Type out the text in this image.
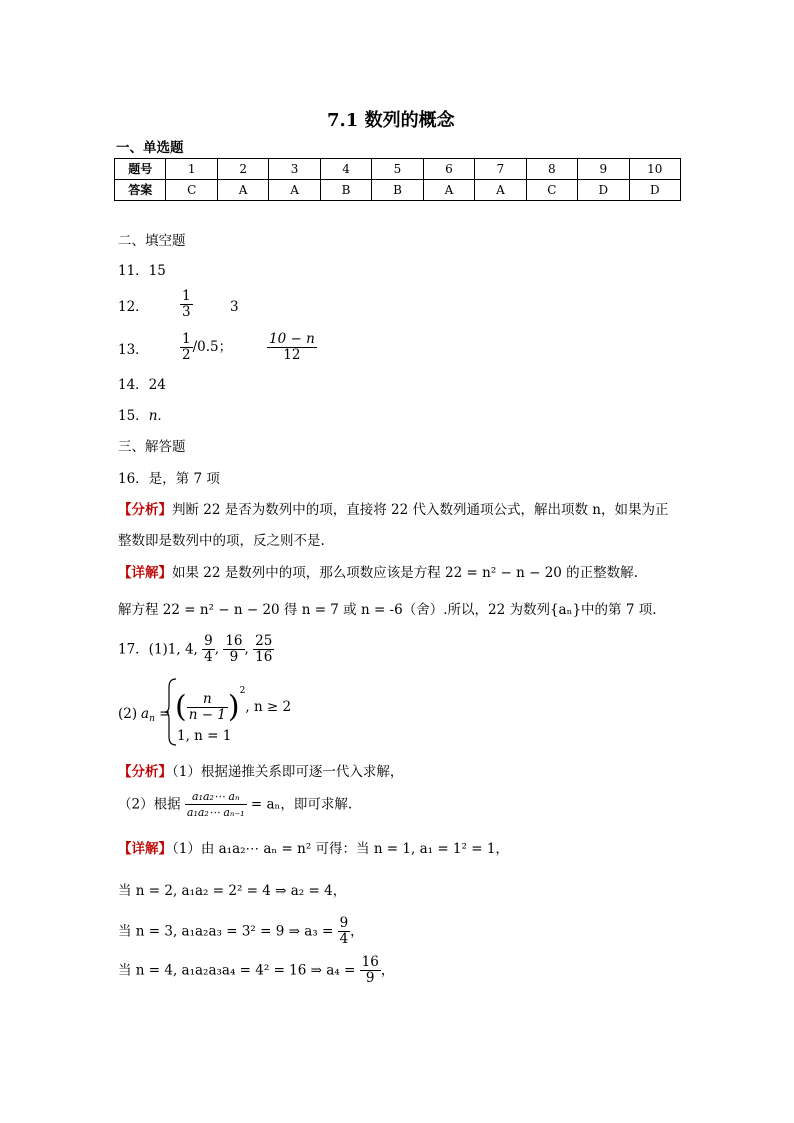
7.1 数列的概念
一、单选题
题号	1	2	3	4	5	6	7	8	9	10
答案	C	A	A	B	B	A	A	C	D	D
二、填空题
11．15
12． $\frac{1}{3}$	3
13． $\frac{1}{2} /0.5$；	$\frac{10 - n}{12}$
14．24
15．n．
三、解答题
16．是，第 7 项
【分析】判断 22 是否为数列中的项，直接将 22 代入数列通项公式，解出项数 n，如果为正
整数即是数列中的项，反之则不是.
【详解】如果 22 是数列中的项，那么项数应该是方程 22 = n² − n − 20 的正整数解.
解方程 22 = n² − n − 20 得 n = 7 或 n = -6（舍）.所以，22 为数列{aₙ}中的第 7 项.
17．(1)1, 4, $\frac{9}{4}$ , $\frac{16}{9}$ , $\frac{25}{16}$
(2) $a_n$ = ( $\frac{n}{n - 1} )^2$, n ≥ 2
1, n = 1
【分析】（1）根据递推关系即可逐一代入求解，
（2）根据 $\frac{\text{a₁a₂⋯ aₙ}}{\text{a₁a₂⋯ aₙ₋₁}} = a_n$，即可求解.
【详解】（1）由 a₁a₂⋯ aₙ = n² 可得：当 n = 1, a₁ = 1² = 1，
当 n = 2, a₁a₂ = 2² = 4 ⇒ a₂ = 4，
当 n = 3, a₁a₂a₃ = 3² = 9 ⇒ $a_3 = \frac{9}{4}$ ，
当 n = 4, a₁a₂a₃a₄ = 4² = 16 ⇒ $a_4 = \frac{16}{9}$ ，
